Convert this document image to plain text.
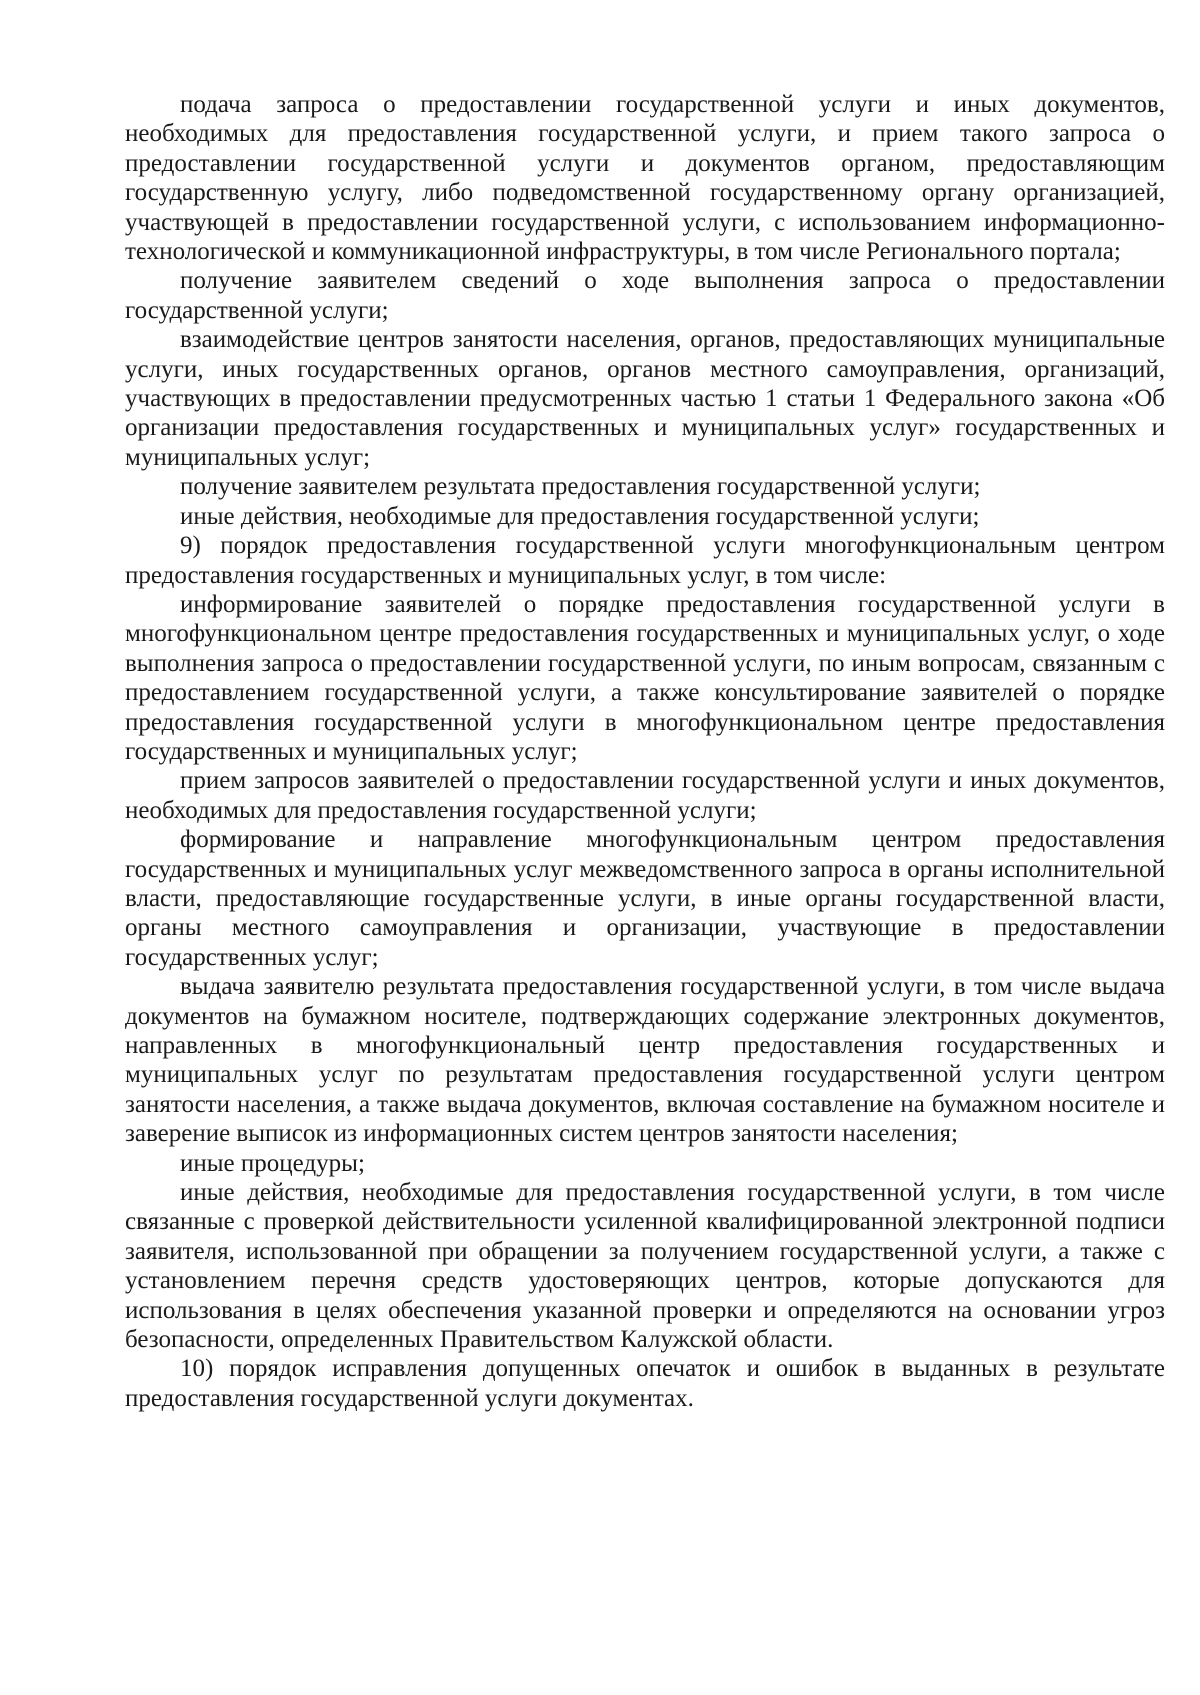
подача запроса о предоставлении государственной услуги и иных документов, необходимых для предоставления государственной услуги, и прием такого запроса о предоставлении государственной услуги и документов органом, предоставляющим государственную услугу, либо подведомственной государственному органу организацией, участвующей в предоставлении государственной услуги, с использованием информационно-технологической и коммуникационной инфраструктуры, в том числе Регионального портала;

получение заявителем сведений о ходе выполнения запроса о предоставлении государственной услуги;

взаимодействие центров занятости населения, органов, предоставляющих муниципальные услуги, иных государственных органов, органов местного самоуправления, организаций, участвующих в предоставлении предусмотренных частью 1 статьи 1 Федерального закона «Об организации предоставления государственных и муниципальных услуг» государственных и муниципальных услуг;

получение заявителем результата предоставления государственной услуги;

иные действия, необходимые для предоставления государственной услуги;

9) порядок предоставления государственной услуги многофункциональным центром предоставления государственных и муниципальных услуг, в том числе:

информирование заявителей о порядке предоставления государственной услуги в многофункциональном центре предоставления государственных и муниципальных услуг, о ходе выполнения запроса о предоставлении государственной услуги, по иным вопросам, связанным с предоставлением государственной услуги, а также консультирование заявителей о порядке предоставления государственной услуги в многофункциональном центре предоставления государственных и муниципальных услуг;

прием запросов заявителей о предоставлении государственной услуги и иных документов, необходимых для предоставления государственной услуги;

формирование и направление многофункциональным центром предоставления государственных и муниципальных услуг межведомственного запроса в органы исполнительной власти, предоставляющие государственные услуги, в иные органы государственной власти, органы местного самоуправления и организации, участвующие в предоставлении государственных услуг;

выдача заявителю результата предоставления государственной услуги, в том числе выдача документов на бумажном носителе, подтверждающих содержание электронных документов, направленных в многофункциональный центр предоставления государственных и муниципальных услуг по результатам предоставления государственной услуги центром занятости населения, а также выдача документов, включая составление на бумажном носителе и заверение выписок из информационных систем центров занятости населения;

иные процедуры;

иные действия, необходимые для предоставления государственной услуги, в том числе связанные с проверкой действительности усиленной квалифицированной электронной подписи заявителя, использованной при обращении за получением государственной услуги, а также с установлением перечня средств удостоверяющих центров, которые допускаются для использования в целях обеспечения указанной проверки и определяются на основании угроз безопасности, определенных Правительством Калужской области.

10) порядок исправления допущенных опечаток и ошибок в выданных в результате предоставления государственной услуги документах.
